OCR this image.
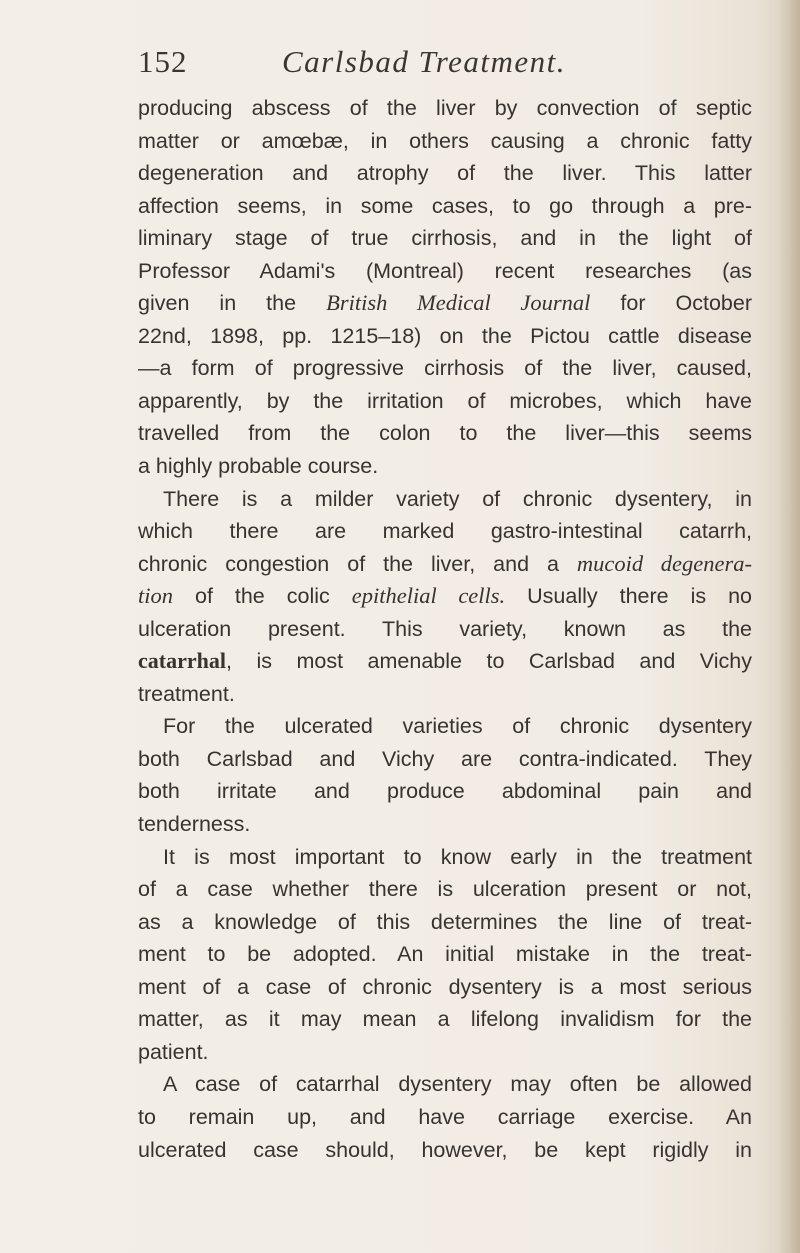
152	Carlsbad Treatment.
producing abscess of the liver by convection of septic
matter or amœbæ, in others causing a chronic fatty
degeneration and atrophy of the liver. This latter
affection seems, in some cases, to go through a pre-
liminary stage of true cirrhosis, and in the light of
Professor Adami's (Montreal) recent researches (as
given in the British Medical Journal for October
22nd, 1898, pp. 1215–18) on the Pictou cattle disease
—a form of progressive cirrhosis of the liver, caused,
apparently, by the irritation of microbes, which have
travelled from the colon to the liver—this seems
a highly probable course.
There is a milder variety of chronic dysentery, in
which there are marked gastro-intestinal catarrh,
chronic congestion of the liver, and a mucoid degenera-
tion of the colic epithelial cells. Usually there is no
ulceration present. This variety, known as the
catarrhal, is most amenable to Carlsbad and Vichy
treatment.
For the ulcerated varieties of chronic dysentery
both Carlsbad and Vichy are contra-indicated. They
both irritate and produce abdominal pain and
tenderness.
It is most important to know early in the treatment
of a case whether there is ulceration present or not,
as a knowledge of this determines the line of treat-
ment to be adopted. An initial mistake in the treat-
ment of a case of chronic dysentery is a most serious
matter, as it may mean a lifelong invalidism for the
patient.
A case of catarrhal dysentery may often be allowed
to remain up, and have carriage exercise. An
ulcerated case should, however, be kept rigidly in
